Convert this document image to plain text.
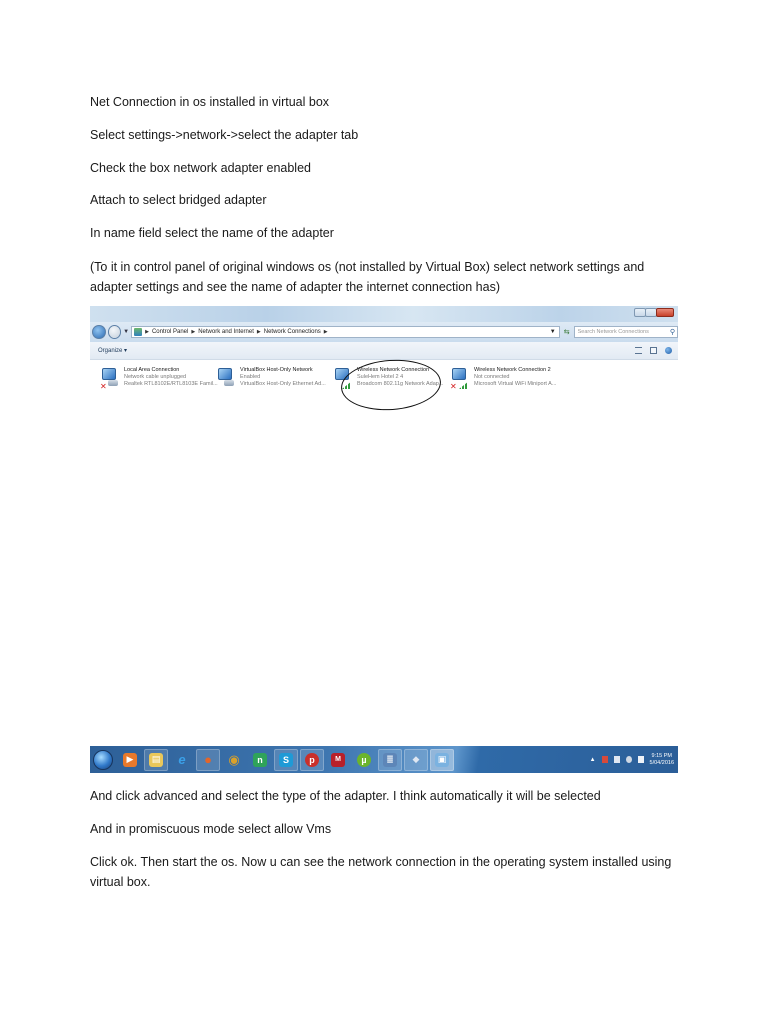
Net Connection in os installed in virtual box

Select settings->network->select the adapter tab

Check the box network adapter enabled

Attach to select bridged adapter

In name field select the name of the adapter

(To it in control panel of original windows os (not installed by Virtual Box) select network settings and adapter settings and see the name of adapter the internet connection has)

▼	▶ Control Panel ▶ Network and Internet ▶ Network Connections ▶	▼ ⇆ Search Network Connections	⚲
Organize ▾
✕
Local Area Connection
Network cable unplugged
Realtek RTL8102E/RTL8103E Famil...
VirtualBox Host-Only Network
Enabled
VirtualBox Host-Only Ethernet Ad...
Wireless Network Connection
SuleHem Hotel 2 4
Broadcom 802.11g Network Adap... ✕
Wireless Network Connection 2
Not connected
Microsoft Virtual WiFi Miniport A...
▶	▤ e ● ◉	n	S	p	M	µ	≣	◆	▣	▲
9:15 PM
5/04/2016

And click advanced and select the type of the adapter. I think automatically it will be selected

And in promiscuous mode select allow Vms

Click ok. Then start the os. Now u can see the network connection in the operating system installed using virtual box.
